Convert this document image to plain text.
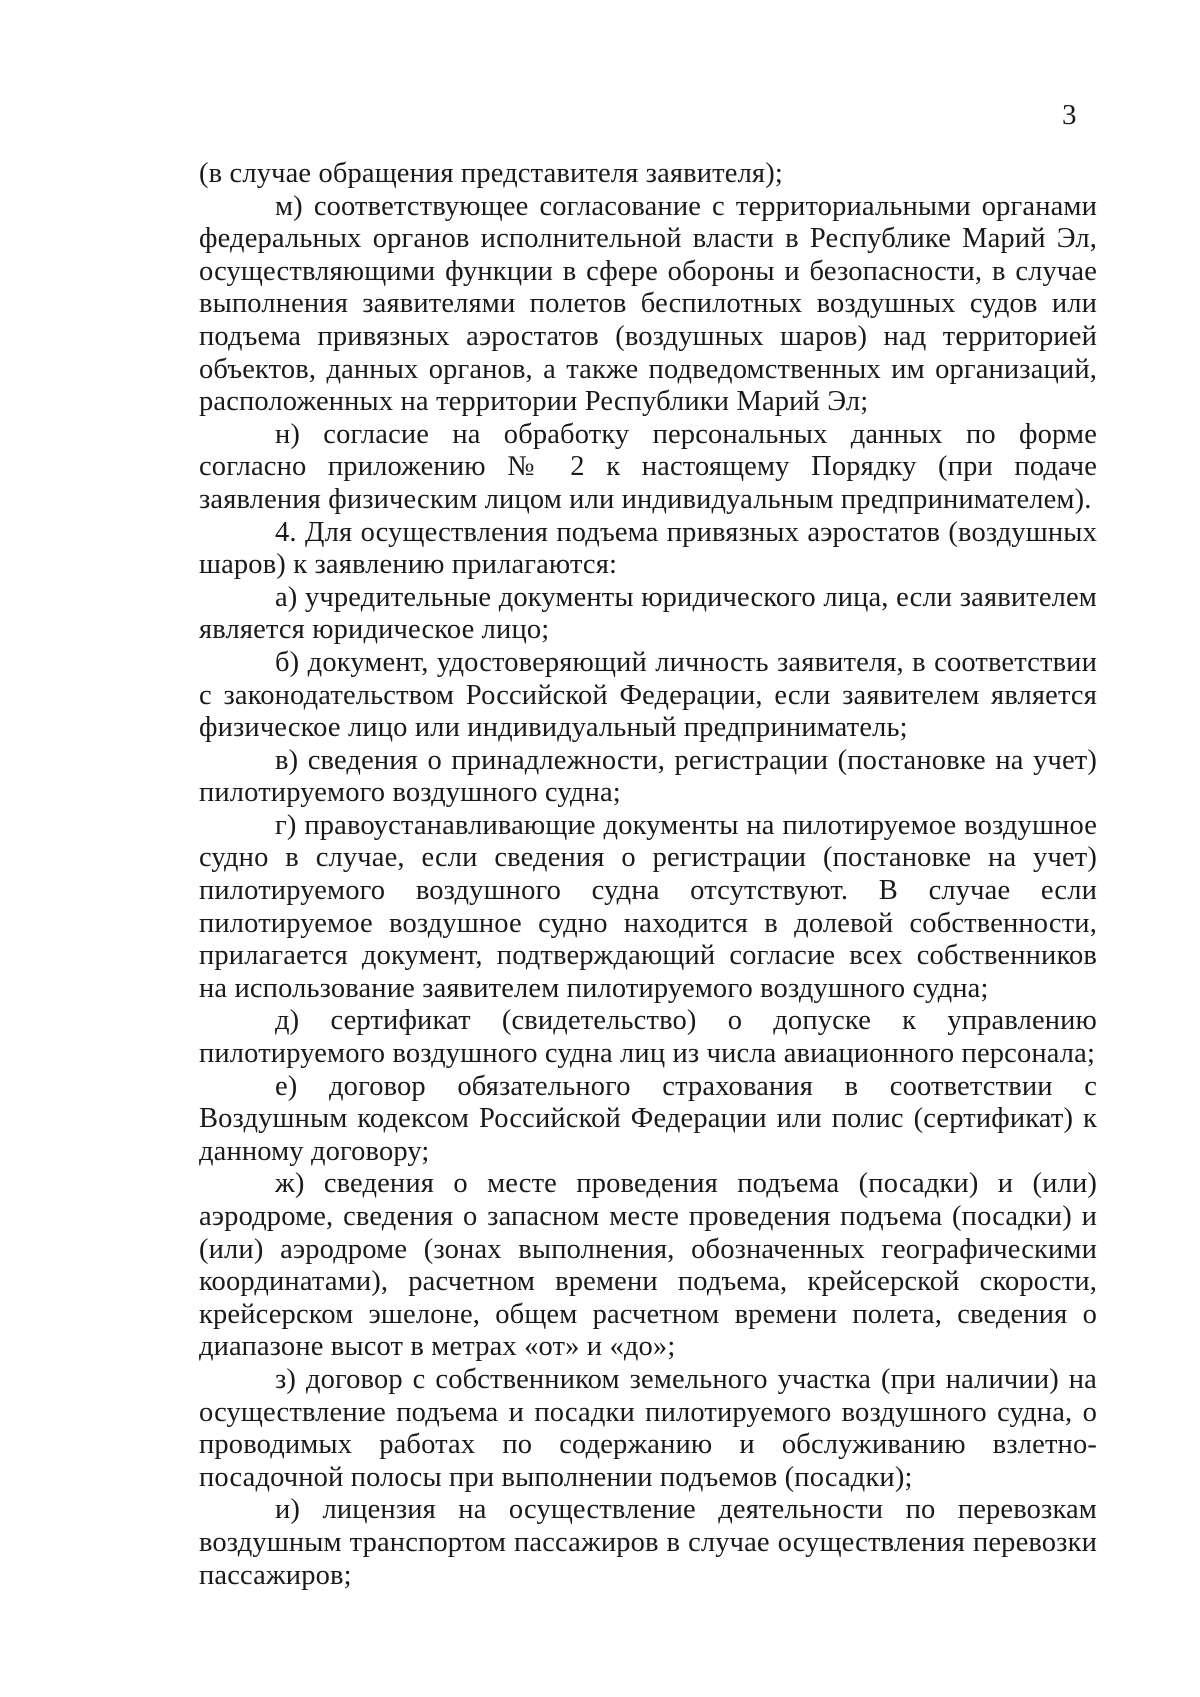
3

(в случае обращения представителя заявителя);

м) соответствующее согласование с территориальными органами федеральных органов исполнительной власти в Республике Марий Эл, осуществляющими функции в сфере обороны и безопасности, в случае выполнения заявителями полетов беспилотных воздушных судов или подъема привязных аэростатов (воздушных шаров) над территорией объектов, данных органов, а также подведомственных им организаций, расположенных на территории Республики Марий Эл;

н) согласие на обработку персональных данных по форме согласно приложению № 2 к настоящему Порядку (при подаче заявления физическим лицом или индивидуальным предпринимателем).

4. Для осуществления подъема привязных аэростатов (воздушных шаров) к заявлению прилагаются:

а) учредительные документы юридического лица, если заявителем является юридическое лицо;

б) документ, удостоверяющий личность заявителя, в соответствии с законодательством Российской Федерации, если заявителем является физическое лицо или индивидуальный предприниматель;

в) сведения о принадлежности, регистрации (постановке на учет) пилотируемого воздушного судна;

г) правоустанавливающие документы на пилотируемое воздушное судно в случае, если сведения о регистрации (постановке на учет) пилотируемого воздушного судна отсутствуют. В случае если пилотируемое воздушное судно находится в долевой собственности, прилагается документ, подтверждающий согласие всех собственников на использование заявителем пилотируемого воздушного судна;

д) сертификат (свидетельство) о допуске к управлению пилотируемого воздушного судна лиц из числа авиационного персонала;

е) договор обязательного страхования в соответствии с Воздушным кодексом Российской Федерации или полис (сертификат) к данному договору;

ж) сведения о месте проведения подъема (посадки) и (или) аэродроме, сведения о запасном месте проведения подъема (посадки) и (или) аэродроме (зонах выполнения, обозначенных географическими координатами), расчетном времени подъема, крейсерской скорости, крейсерском эшелоне, общем расчетном времени полета, сведения о диапазоне высот в метрах «от» и «до»;

з) договор с собственником земельного участка (при наличии) на осуществление подъема и посадки пилотируемого воздушного судна, о проводимых работах по содержанию и обслуживанию взлетно-посадочной полосы при выполнении подъемов (посадки);

и) лицензия на осуществление деятельности по перевозкам воздушным транспортом пассажиров в случае осуществления перевозки пассажиров;
